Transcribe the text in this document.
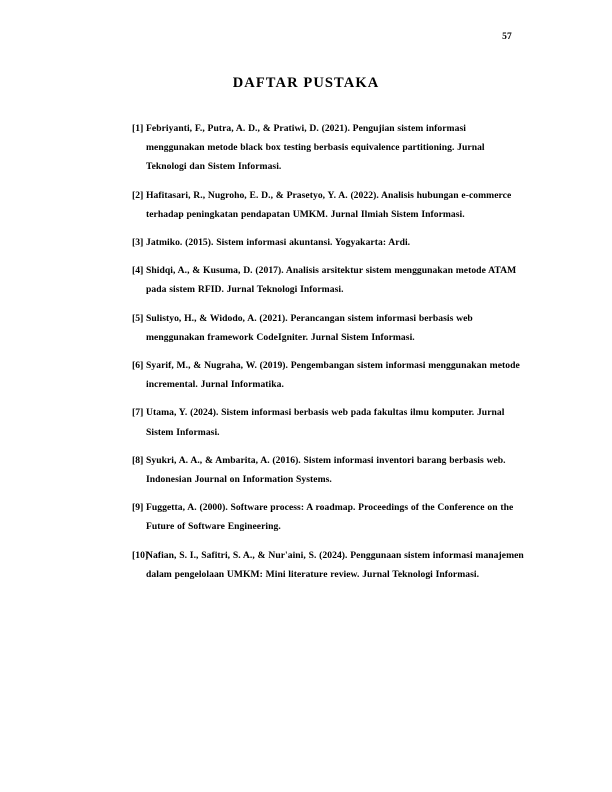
57
DAFTAR PUSTAKA
[1] Febriyanti, F., Putra, A. D., & Pratiwi, D. (2021). Pengujian sistem informasi menggunakan metode black box testing berbasis equivalence partitioning. Jurnal Teknologi dan Sistem Informasi.
[2] Hafitasari, R., Nugroho, E. D., & Prasetyo, Y. A. (2022). Analisis hubungan e-commerce terhadap peningkatan pendapatan UMKM. Jurnal Ilmiah Sistem Informasi.
[3] Jatmiko. (2015). Sistem informasi akuntansi. Yogyakarta: Ardi.
[4] Shidqi, A., & Kusuma, D. (2017). Analisis arsitektur sistem menggunakan metode ATAM pada sistem RFID. Jurnal Teknologi Informasi.
[5] Sulistyo, H., & Widodo, A. (2021). Perancangan sistem informasi berbasis web menggunakan framework CodeIgniter. Jurnal Sistem Informasi.
[6] Syarif, M., & Nugraha, W. (2019). Pengembangan sistem informasi menggunakan metode incremental. Jurnal Informatika.
[7] Utama, Y. (2024). Sistem informasi berbasis web pada fakultas ilmu komputer. Jurnal Sistem Informasi.
[8] Syukri, A. A., & Ambarita, A. (2016). Sistem informasi inventori barang berbasis web. Indonesian Journal on Information Systems.
[9] Fuggetta, A. (2000). Software process: A roadmap. Proceedings of the Conference on the Future of Software Engineering.
[10]
Nafian, S. I., Safitri, S. A., & Nur'aini, S. (2024). Penggunaan sistem informasi manajemen dalam pengelolaan UMKM: Mini literature review. Jurnal Teknologi Informasi.
